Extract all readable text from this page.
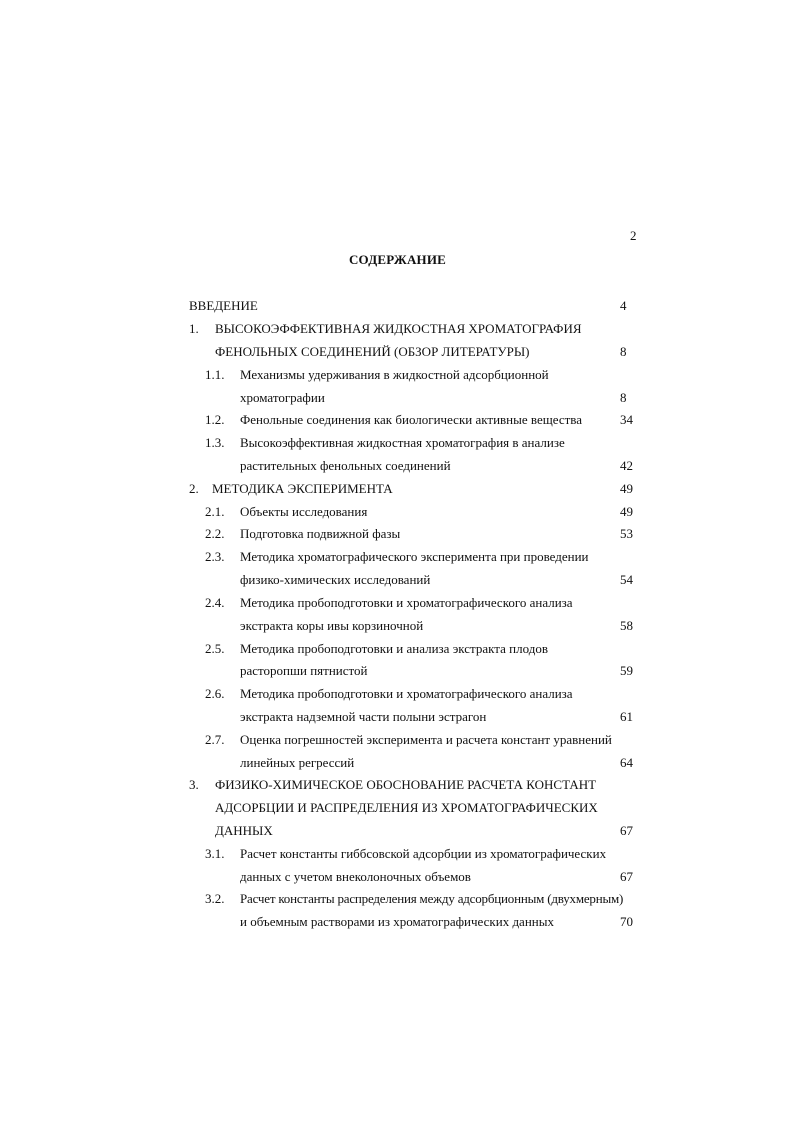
2
СОДЕРЖАНИЕ
ВВЕДЕНИЕ	4
1. ВЫСОКОЭФФЕКТИВНАЯ ЖИДКОСТНАЯ ХРОМАТОГРАФИЯ
ФЕНОЛЬНЫХ СОЕДИНЕНИЙ (ОБЗОР ЛИТЕРАТУРЫ)	8
1.1. Механизмы удерживания в жидкостной адсорбционной
хроматографии	8
1.2. Фенольные соединения как биологически активные вещества	34
1.3. Высокоэффективная жидкостная хроматография в анализе
растительных фенольных соединений	42
2. МЕТОДИКА ЭКСПЕРИМЕНТА	49
2.1. Объекты исследования	49
2.2. Подготовка подвижной фазы	53
2.3. Методика хроматографического эксперимента при проведении
физико-химических исследований	54
2.4. Методика пробоподготовки и хроматографического анализа
экстракта коры ивы корзиночной	58
2.5. Методика пробоподготовки и анализа экстракта плодов
расторопши пятнистой	59
2.6. Методика пробоподготовки и хроматографического анализа
экстракта надземной части полыни эстрагон	61
2.7. Оценка погрешностей эксперимента и расчета констант уравнений
линейных регрессий	64
3. ФИЗИКО-ХИМИЧЕСКОЕ ОБОСНОВАНИЕ РАСЧЕТА КОНСТАНТ
АДСОРБЦИИ И РАСПРЕДЕЛЕНИЯ ИЗ ХРОМАТОГРАФИЧЕСКИХ
ДАННЫХ	67
3.1. Расчет константы гиббсовской адсорбции из хроматографических
данных с учетом внеколоночных объемов	67
3.2. Расчет константы распределения между адсорбционным (двухмерным)
и объемным растворами из хроматографических данных	70
